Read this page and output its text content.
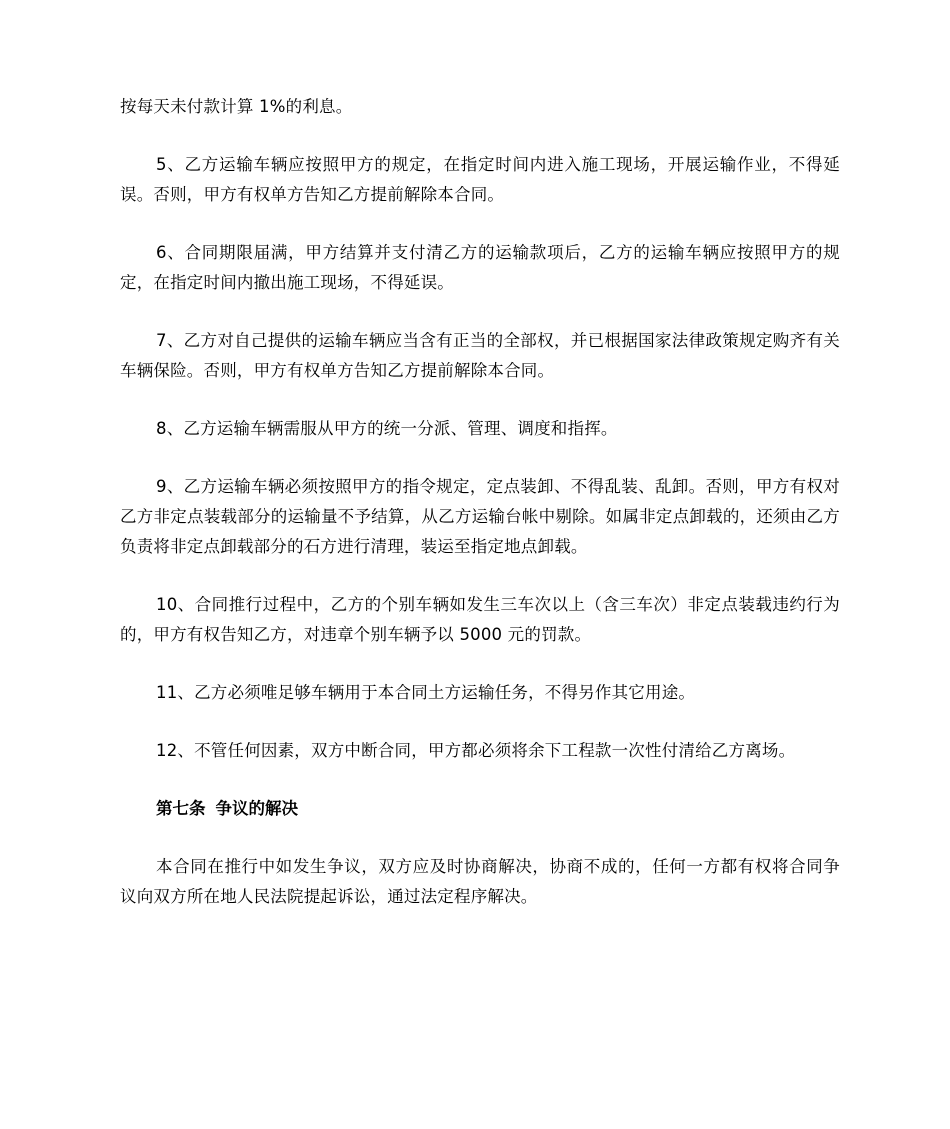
按每天未付款计算 1%的利息。

5、乙方运输车辆应按照甲方的规定，在指定时间内进入施工现场，开展运输作业，不得延误。否则，甲方有权单方告知乙方提前解除本合同。

6、合同期限届满，甲方结算并支付清乙方的运输款项后，乙方的运输车辆应按照甲方的规定，在指定时间内撤出施工现场，不得延误。

7、乙方对自己提供的运输车辆应当含有正当的全部权，并已根据国家法律政策规定购齐有关车辆保险。否则，甲方有权单方告知乙方提前解除本合同。

8、乙方运输车辆需服从甲方的统一分派、管理、调度和指挥。

9、乙方运输车辆必须按照甲方的指令规定，定点装卸、不得乱装、乱卸。否则，甲方有权对乙方非定点装载部分的运输量不予结算，从乙方运输台帐中剔除。如属非定点卸载的，还须由乙方负责将非定点卸载部分的石方进行清理，装运至指定地点卸载。

10、合同推行过程中，乙方的个别车辆如发生三车次以上（含三车次）非定点装载违约行为的，甲方有权告知乙方，对违章个别车辆予以 5000 元的罚款。

11、乙方必须唯足够车辆用于本合同土方运输任务，不得另作其它用途。

12、不管任何因素，双方中断合同，甲方都必须将余下工程款一次性付清给乙方离场。

第七条 争议的解决

本合同在推行中如发生争议，双方应及时协商解决，协商不成的，任何一方都有权将合同争议向双方所在地人民法院提起诉讼，通过法定程序解决。
